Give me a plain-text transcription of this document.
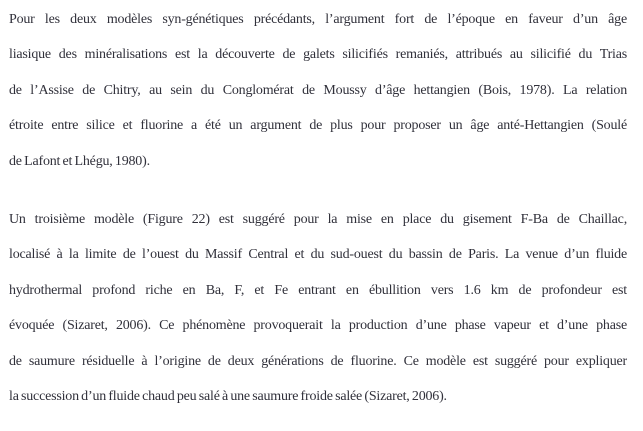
Pour les deux modèles syn-génétiques précédants, l’argument fort de l’époque en faveur d’un âge
liasique des minéralisations est la découverte de galets silicifiés remaniés, attribués au silicifié du Trias
de l’Assise de Chitry, au sein du Conglomérat de Moussy d’âge hettangien (Bois, 1978). La relation
étroite entre silice et fluorine a été un argument de plus pour proposer un âge anté-Hettangien (Soulé
de Lafont et Lhégu, 1980).

Un troisième modèle (Figure 22) est suggéré pour la mise en place du gisement F-Ba de Chaillac,
localisé à la limite de l’ouest du Massif Central et du sud-ouest du bassin de Paris. La venue d’un fluide
hydrothermal profond riche en Ba, F, et Fe entrant en ébullition vers 1.6 km de profondeur est
évoquée (Sizaret, 2006). Ce phénomène provoquerait la production d’une phase vapeur et d’une phase
de saumure résiduelle à l’origine de deux générations de fluorine. Ce modèle est suggéré pour expliquer
la succession d’un fluide chaud peu salé à une saumure froide salée (Sizaret, 2006).
